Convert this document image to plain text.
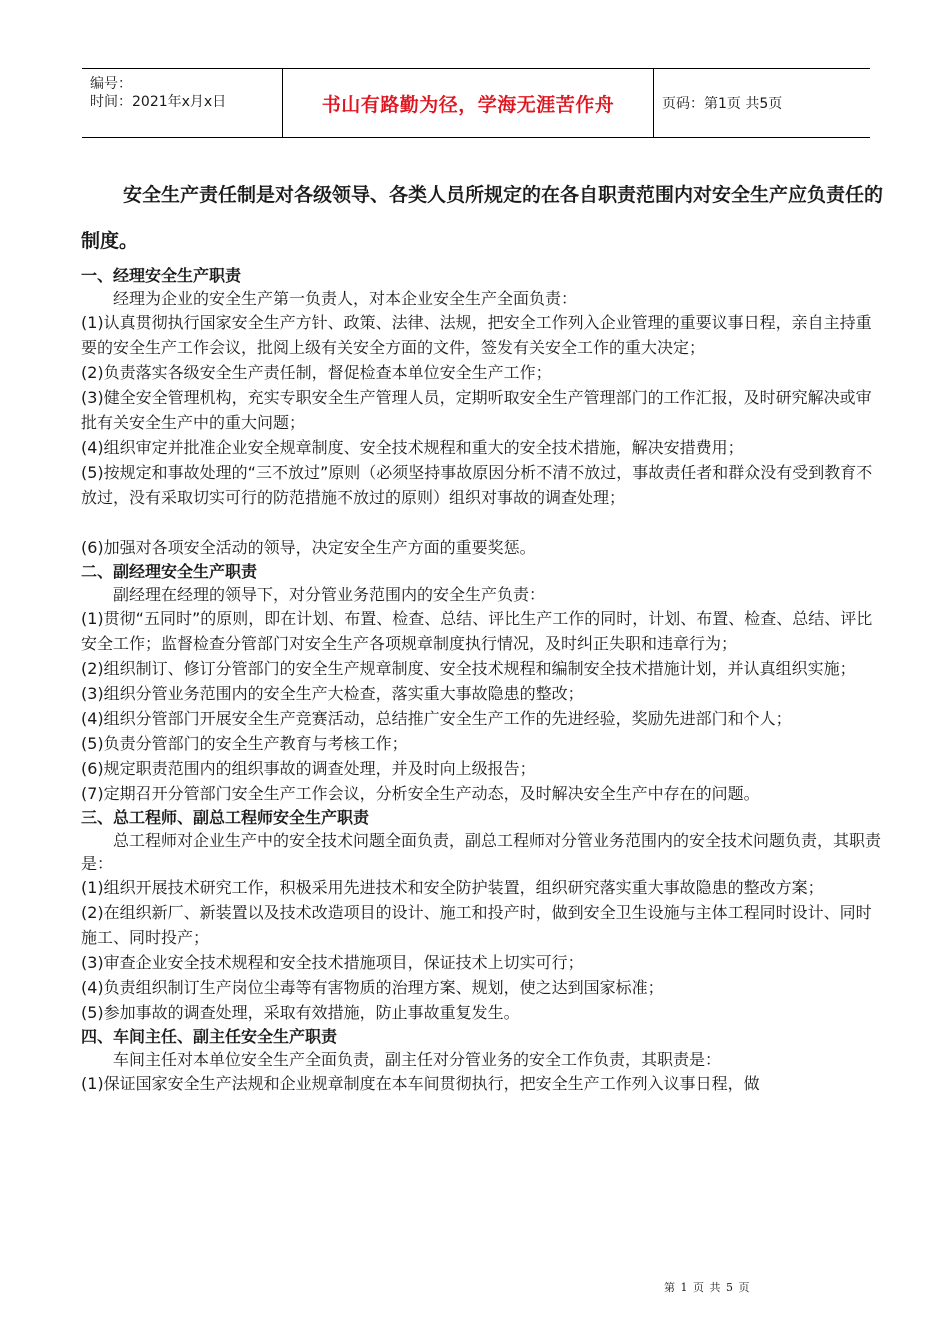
编号：
时间：2021年x月x日	书山有路勤为径，学海无涯苦作舟	页码：第1页 共5页

安全生产责任制是对各级领导、各类人员所规定的在各自职责范围内对安全生产应负责任的制度。

一、经理安全生产职责

经理为企业的安全生产第一负责人，对本企业安全生产全面负责：

(1)认真贯彻执行国家安全生产方针、政策、法律、法规，把安全工作列入企业管理的重要议事日程，亲自主持重要的安全生产工作会议，批阅上级有关安全方面的文件，签发有关安全工作的重大决定；

(2)负责落实各级安全生产责任制，督促检查本单位安全生产工作；

(3)健全安全管理机构，充实专职安全生产管理人员，定期听取安全生产管理部门的工作汇报，及时研究解决或审批有关安全生产中的重大问题；

(4)组织审定并批准企业安全规章制度、安全技术规程和重大的安全技术措施，解决安措费用；

(5)按规定和事故处理的“三不放过”原则（必须坚持事故原因分析不清不放过，事故责任者和群众没有受到教育不放过，没有采取切实可行的防范措施不放过的原则）组织对事故的调查处理；

(6)加强对各项安全活动的领导，决定安全生产方面的重要奖惩。

二、副经理安全生产职责

副经理在经理的领导下，对分管业务范围内的安全生产负责：

(1)贯彻“五同时”的原则，即在计划、布置、检查、总结、评比生产工作的同时，计划、布置、检查、总结、评比安全工作；监督检查分管部门对安全生产各项规章制度执行情况，及时纠正失职和违章行为；

(2)组织制订、修订分管部门的安全生产规章制度、安全技术规程和编制安全技术措施计划，并认真组织实施；

(3)组织分管业务范围内的安全生产大检查，落实重大事故隐患的整改；

(4)组织分管部门开展安全生产竞赛活动，总结推广安全生产工作的先进经验，奖励先进部门和个人；

(5)负责分管部门的安全生产教育与考核工作；

(6)规定职责范围内的组织事故的调查处理，并及时向上级报告；

(7)定期召开分管部门安全生产工作会议，分析安全生产动态，及时解决安全生产中存在的问题。

三、总工程师、副总工程师安全生产职责

总工程师对企业生产中的安全技术问题全面负责，副总工程师对分管业务范围内的安全技术问题负责，其职责是：

(1)组织开展技术研究工作，积极采用先进技术和安全防护装置，组织研究落实重大事故隐患的整改方案；

(2)在组织新厂、新装置以及技术改造项目的设计、施工和投产时，做到安全卫生设施与主体工程同时设计、同时施工、同时投产；

(3)审查企业安全技术规程和安全技术措施项目，保证技术上切实可行；

(4)负责组织制订生产岗位尘毒等有害物质的治理方案、规划，使之达到国家标准；

(5)参加事故的调查处理，采取有效措施，防止事故重复发生。

四、车间主任、副主任安全生产职责

车间主任对本单位安全生产全面负责，副主任对分管业务的安全工作负责，其职责是：

(1)保证国家安全生产法规和企业规章制度在本车间贯彻执行，把安全生产工作列入议事日程，做

第 1 页 共 5 页
